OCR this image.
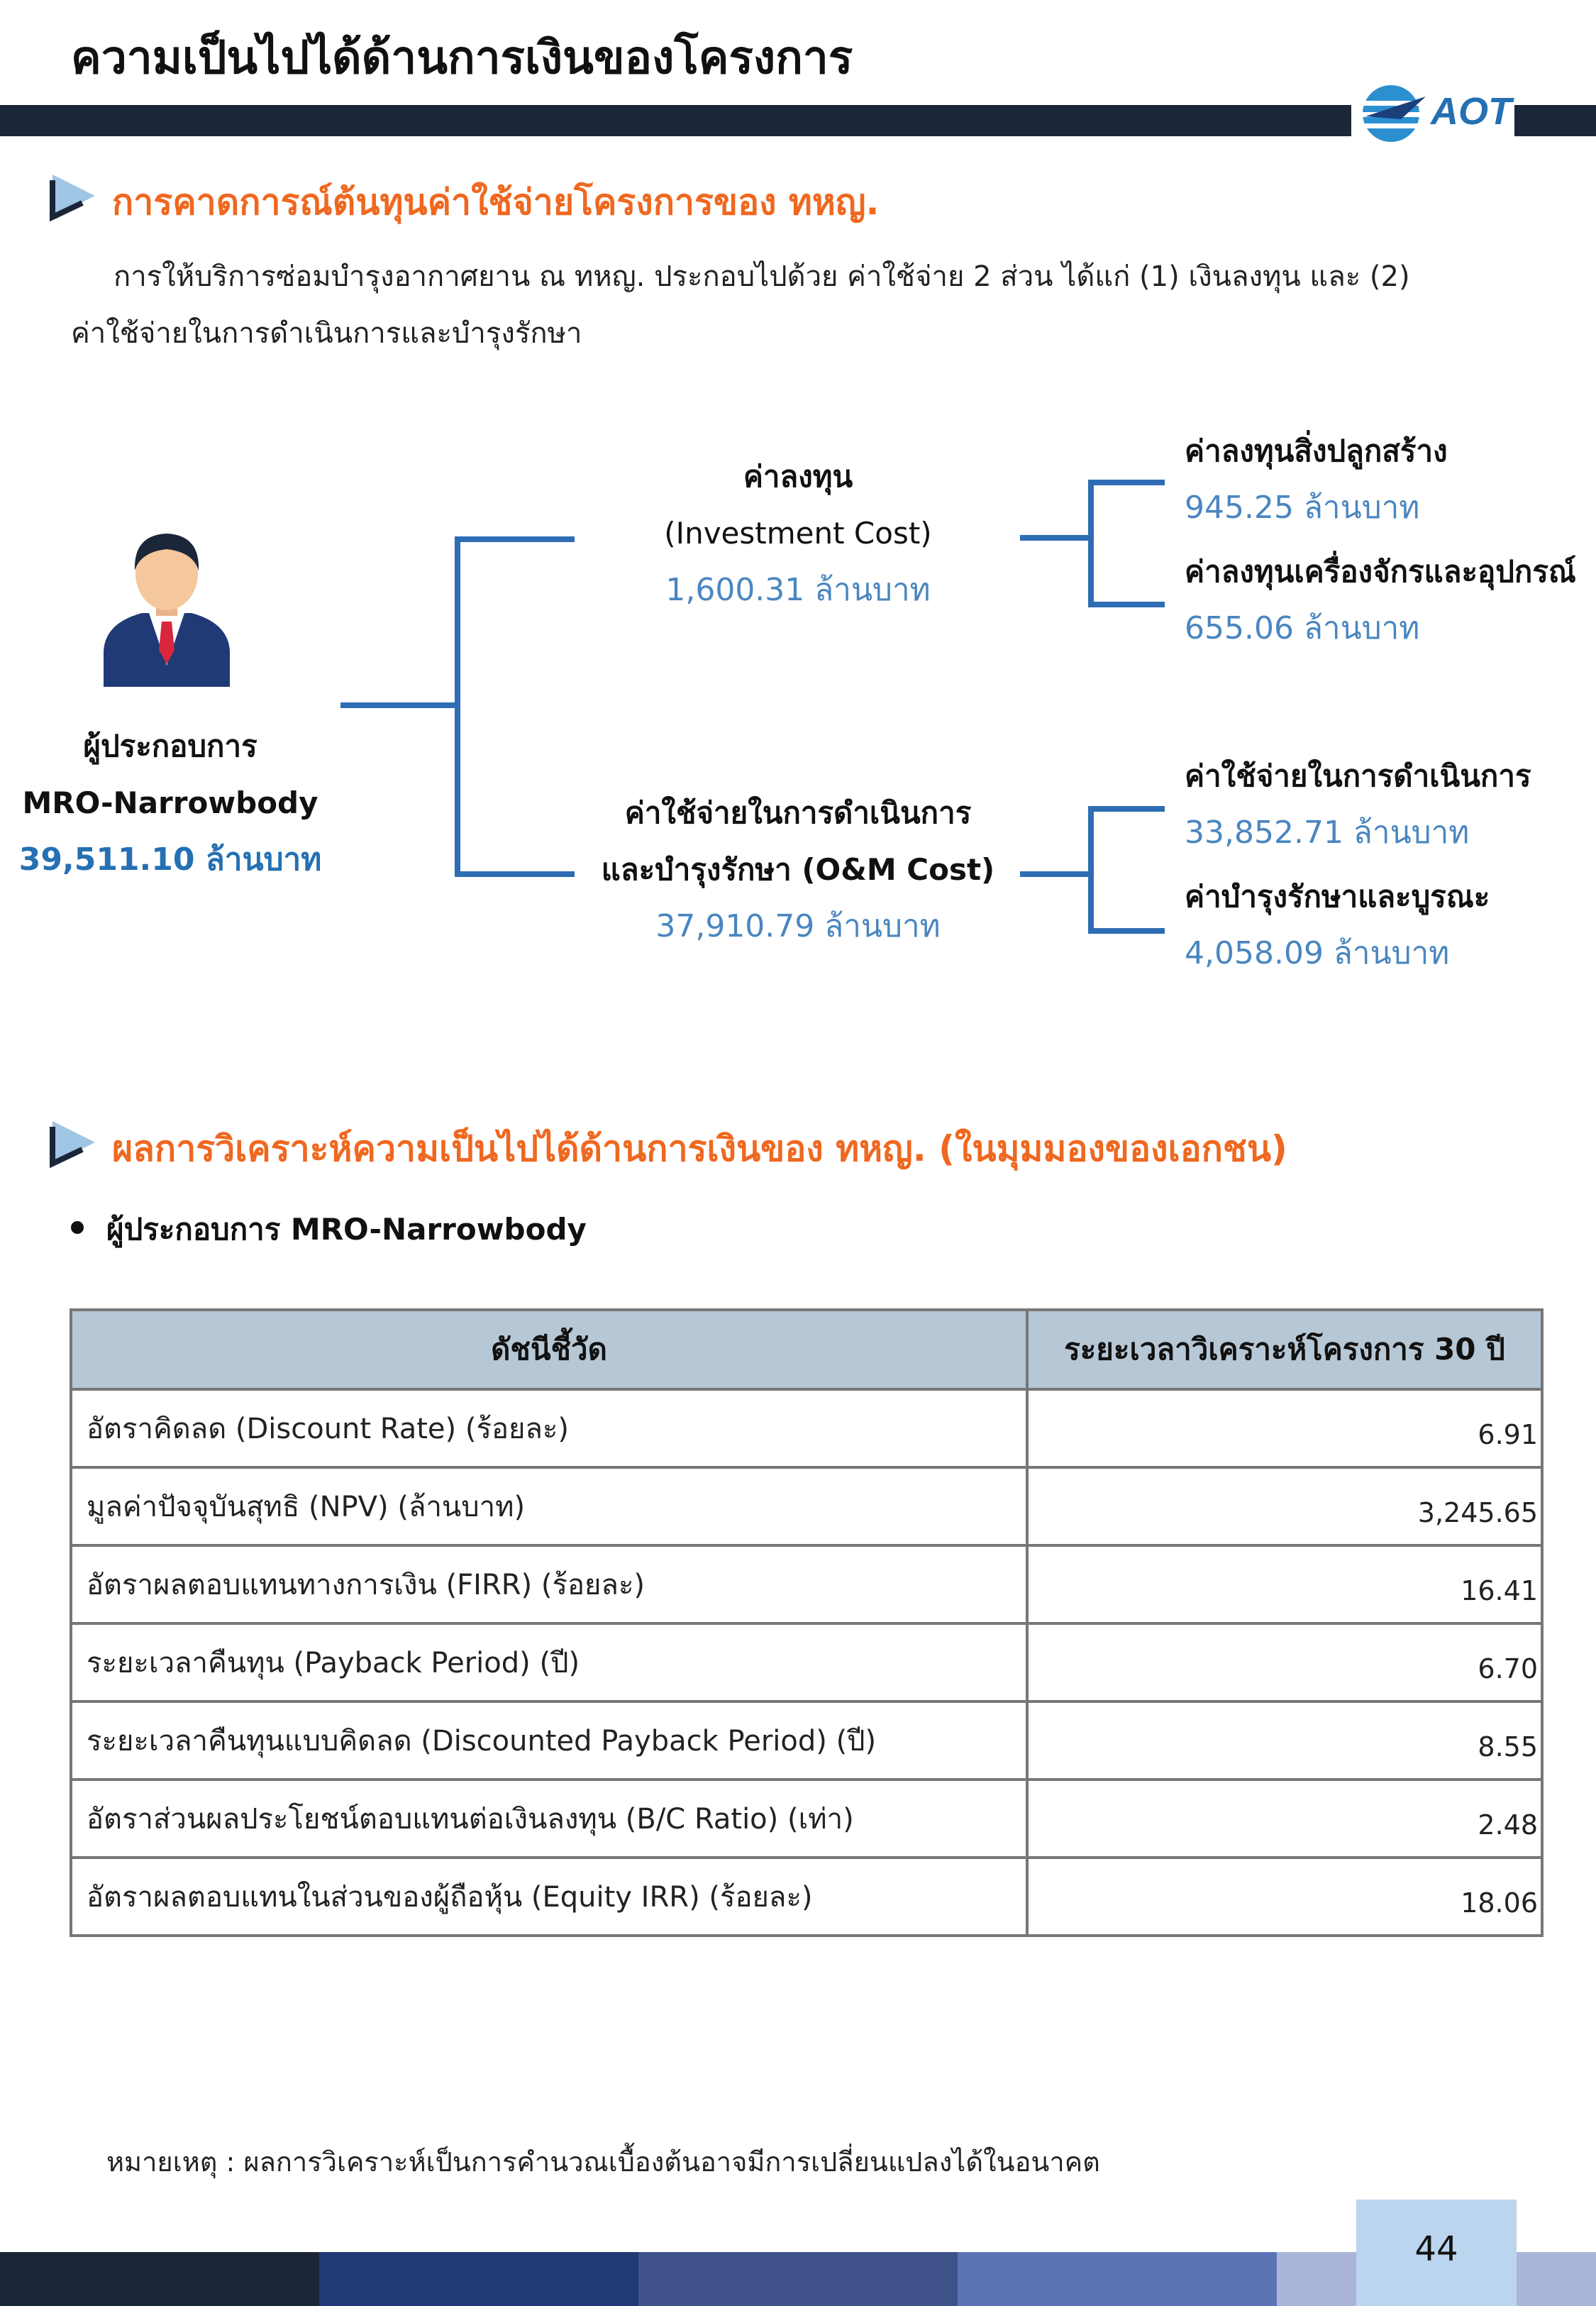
ความเป็นไปได้ด้านการเงินของโครงการ
AOT
การคาดการณ์ต้นทุนค่าใช้จ่ายโครงการของ ทหญ.
การให้บริการซ่อมบำรุงอากาศยาน ณ ทหญ. ประกอบไปด้วย ค่าใช้จ่าย 2 ส่วน ได้แก่ (1) เงินลงทุน และ (2)
ค่าใช้จ่ายในการดำเนินการและบำรุงรักษา
ผู้ประกอบการ
MRO-Narrowbody
39,511.10 ล้านบาท
ค่าลงทุน
(Investment Cost)
1,600.31 ล้านบาท
ค่าใช้จ่ายในการดำเนินการ
และบำรุงรักษา (O&M Cost)
37,910.79 ล้านบาท
ค่าลงทุนสิ่งปลูกสร้าง
945.25 ล้านบาท
ค่าลงทุนเครื่องจักรและอุปกรณ์
655.06 ล้านบาท
ค่าใช้จ่ายในการดำเนินการ
33,852.71 ล้านบาท
ค่าบำรุงรักษาและบูรณะ
4,058.09 ล้านบาท
ผลการวิเคราะห์ความเป็นไปได้ด้านการเงินของ ทหญ. (ในมุมมองของเอกชน)
ผู้ประกอบการ MRO-Narrowbody
ดัชนีชี้วัด	ระยะเวลาวิเคราะห์โครงการ 30 ปี
อัตราคิดลด (Discount Rate) (ร้อยละ)	6.91
มูลค่าปัจจุบันสุทธิ (NPV) (ล้านบาท)	3,245.65
อัตราผลตอบแทนทางการเงิน (FIRR) (ร้อยละ)	16.41
ระยะเวลาคืนทุน (Payback Period) (ปี)	6.70
ระยะเวลาคืนทุนแบบคิดลด (Discounted Payback Period) (ปี)	8.55
อัตราส่วนผลประโยชน์ตอบแทนต่อเงินลงทุน (B/C Ratio) (เท่า)	2.48
อัตราผลตอบแทนในส่วนของผู้ถือหุ้น (Equity IRR) (ร้อยละ)	18.06
หมายเหตุ : ผลการวิเคราะห์เป็นการคำนวณเบื้องต้นอาจมีการเปลี่ยนแปลงได้ในอนาคต
44
